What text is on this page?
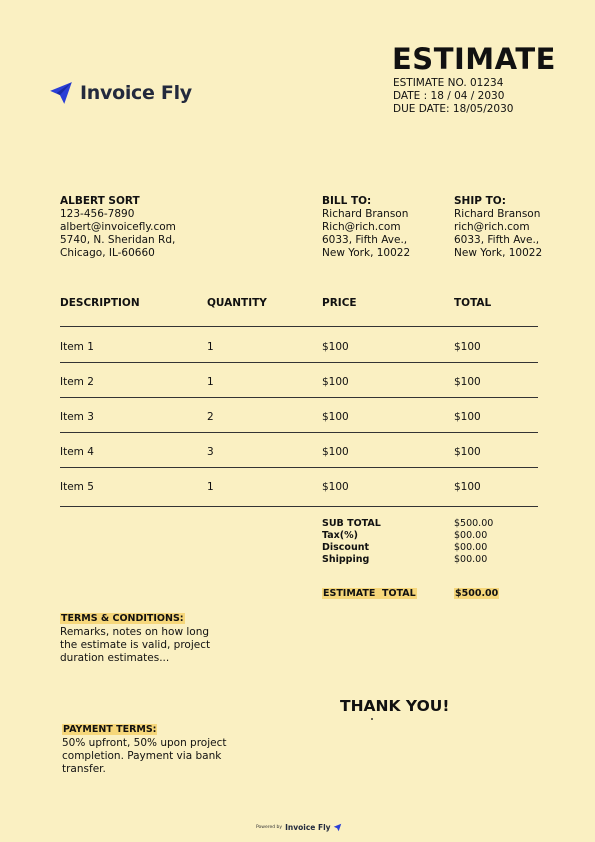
Invoice Fly
ESTIMATE
ESTIMATE NO. 01234
DATE : 18 / 04 / 2030
DUE DATE: 18/05/2030
ALBERT SORT
123-456-7890
albert@invoicefly.com
5740, N. Sheridan Rd,
Chicago, IL-60660
BILL TO:
Richard Branson
Rich@rich.com
6033, Fifth Ave.,
New York, 10022
SHIP TO:
Richard Branson
rich@rich.com
6033, Fifth Ave.,
New York, 10022
DESCRIPTION	QUANTITY	PRICE	TOTAL
Item 1	1	$100	$100
Item 2	1	$100	$100
Item 3	2	$100	$100
Item 4	3	$100	$100
Item 5	1	$100	$100
SUB TOTAL	$500.00
Tax(%)	$00.00
Discount	$00.00
Shipping	$00.00
ESTIMATE  TOTAL	$500.00
TERMS & CONDITIONS:
Remarks, notes on how long the estimate is valid, project duration estimates...
THANK YOU!
PAYMENT TERMS:
50% upfront, 50% upon project completion. Payment via bank transfer.
Powered by Invoice Fly
